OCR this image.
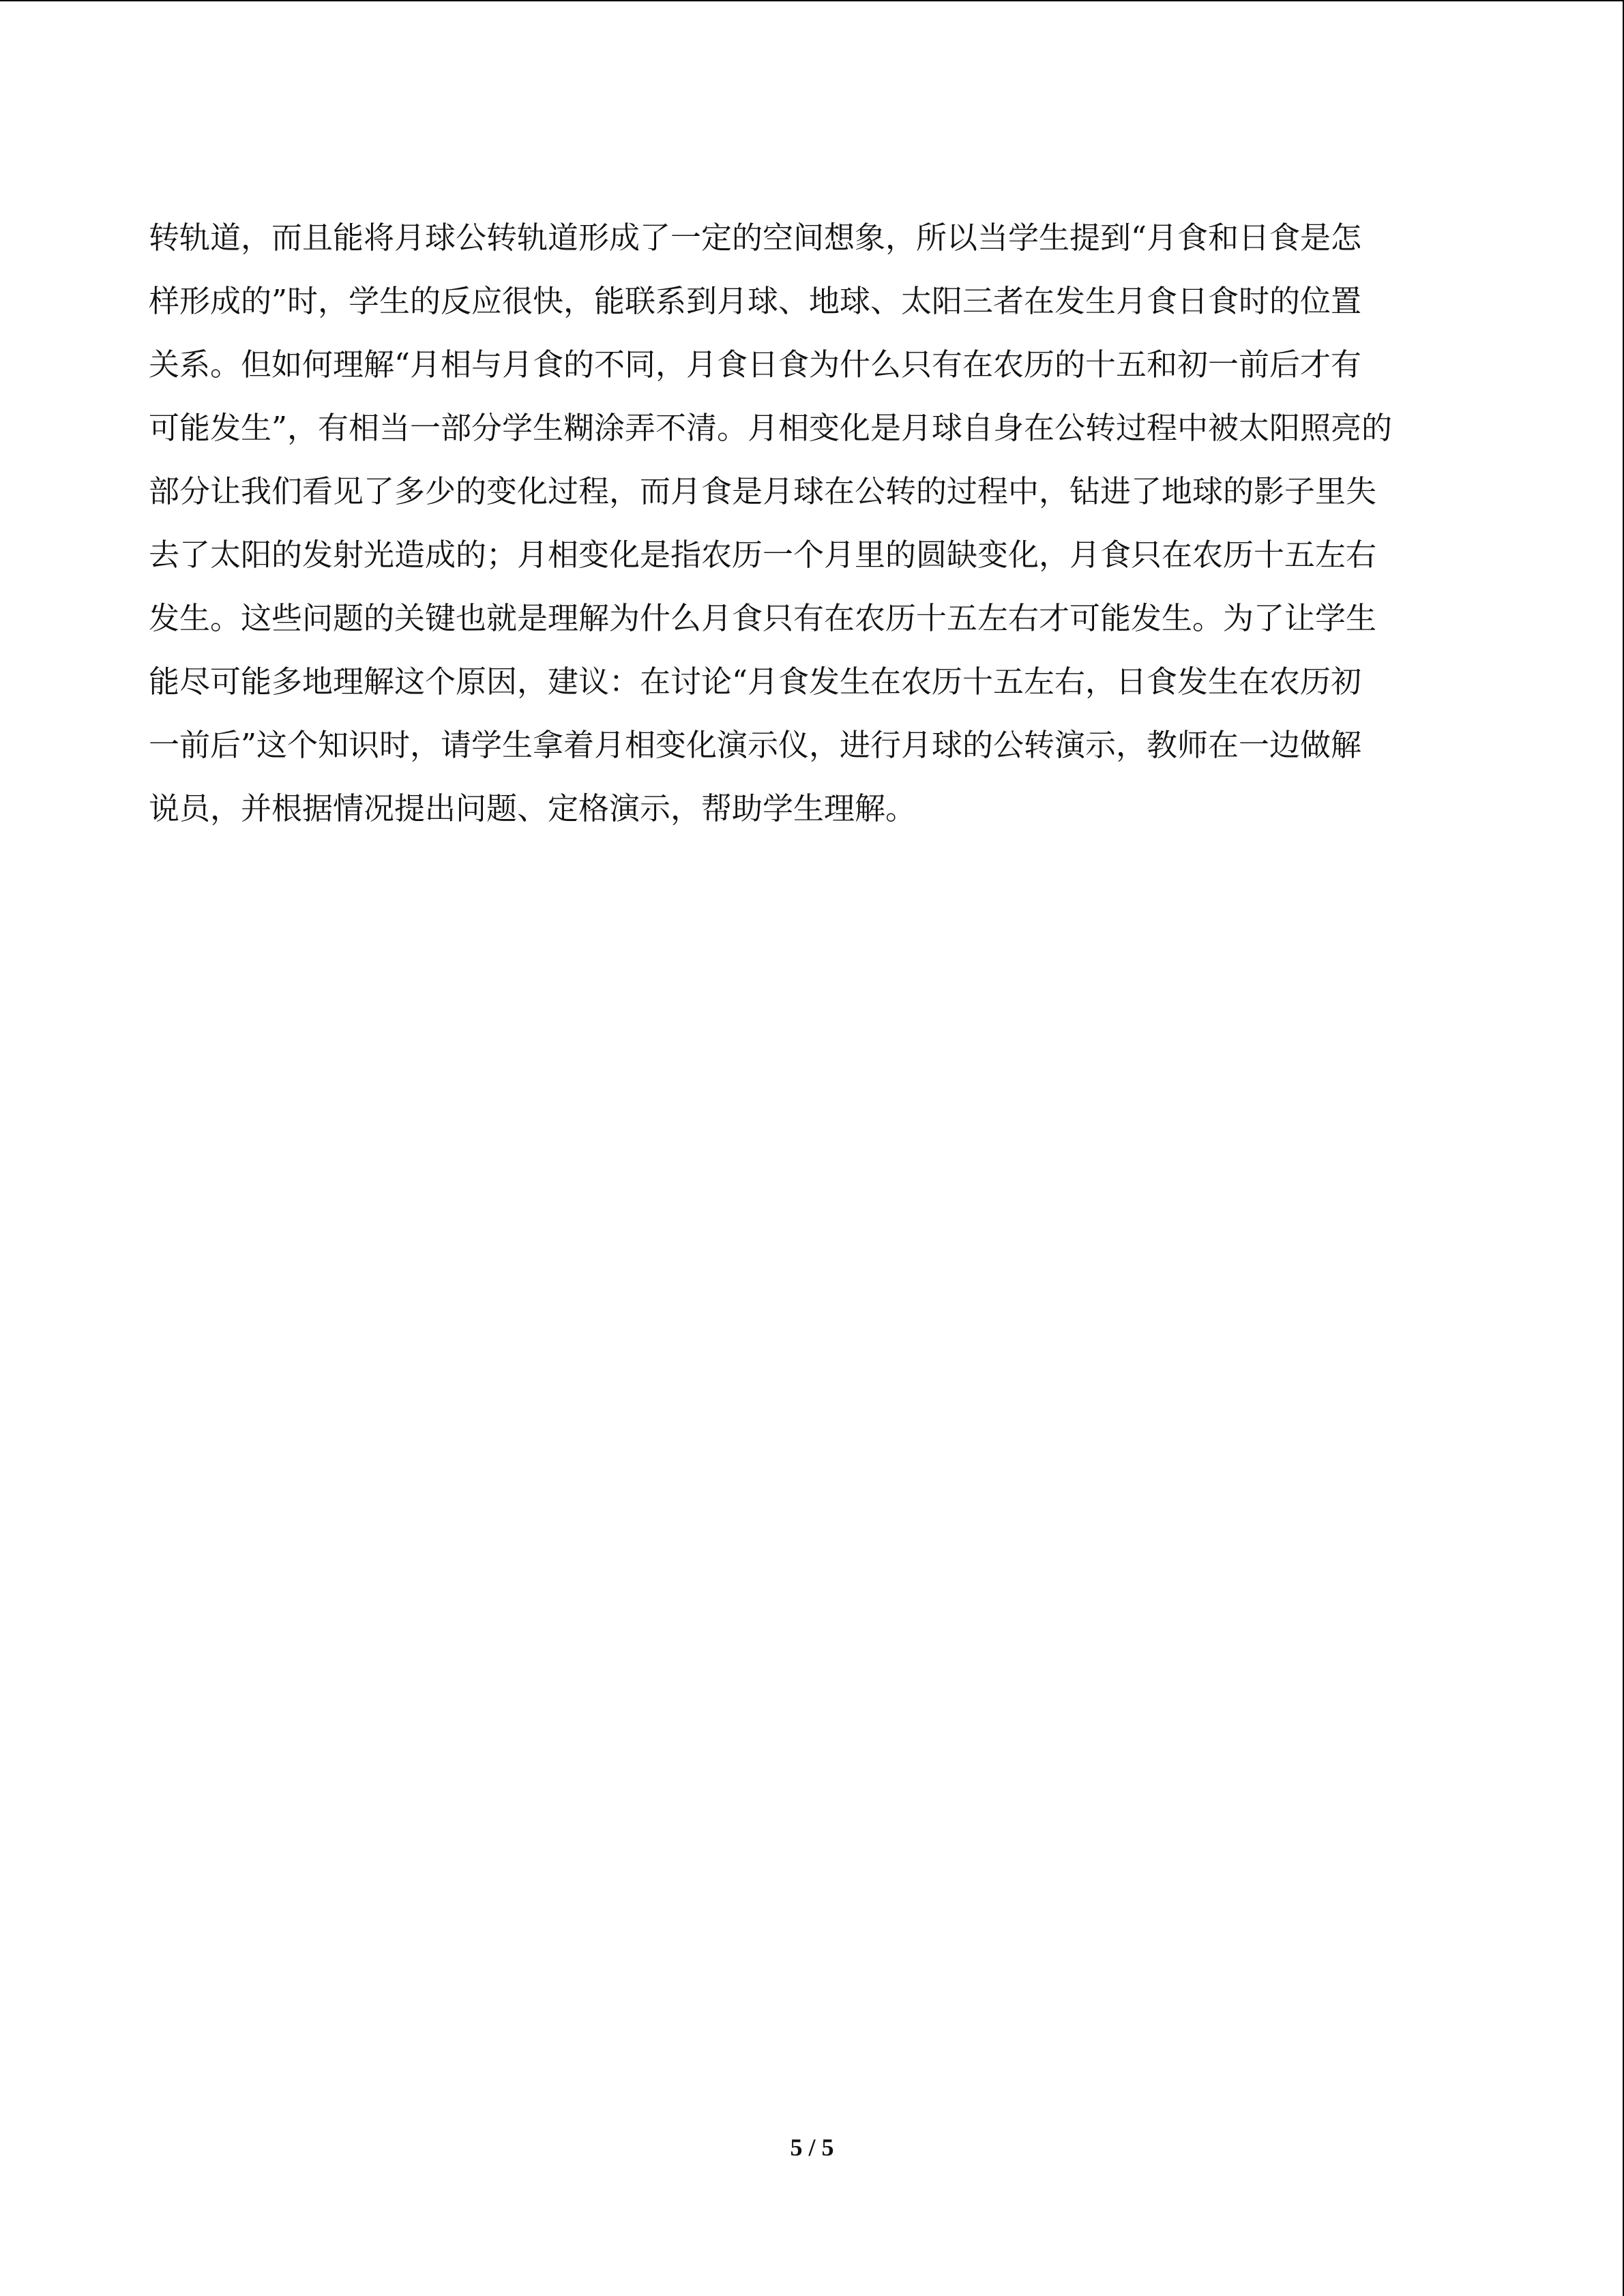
转轨道，而且能将月球公转轨道形成了一定的空间想象，所以当学生提到“月食和日食是怎
样形成的”时，学生的反应很快，能联系到月球、地球、太阳三者在发生月食日食时的位置
关系。但如何理解“月相与月食的不同，月食日食为什么只有在农历的十五和初一前后才有
可能发生”，有相当一部分学生糊涂弄不清。月相变化是月球自身在公转过程中被太阳照亮的
部分让我们看见了多少的变化过程，而月食是月球在公转的过程中，钻进了地球的影子里失
去了太阳的发射光造成的；月相变化是指农历一个月里的圆缺变化，月食只在农历十五左右
发生。这些问题的关键也就是理解为什么月食只有在农历十五左右才可能发生。为了让学生
能尽可能多地理解这个原因，建议：在讨论“月食发生在农历十五左右，日食发生在农历初
一前后”这个知识时，请学生拿着月相变化演示仪，进行月球的公转演示，教师在一边做解
说员，并根据情况提出问题、定格演示，帮助学生理解。
5 / 5
